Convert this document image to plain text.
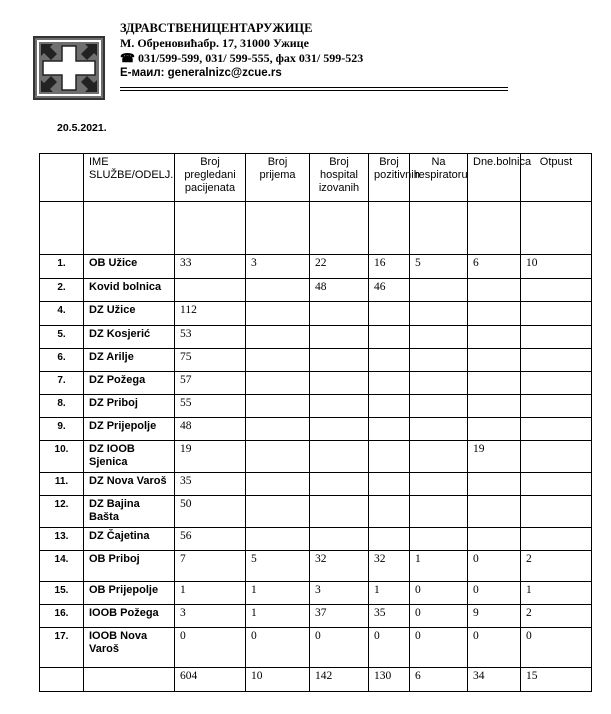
ЗДРАВСТВЕНИЦЕНТАРУЖИЦЕ
М. Обреновићабр. 17, 31000 Ужице
☎ 031/599-599, 031/ 599-555, фах 031/ 599-523
Е-маил: generalnizc@zcue.rs
20.5.2021.
	IME SLUŽBE/ODELJ.	Broj pregledani pacijenata	Broj prijema	Broj hospital izovanih	Broj pozitivnih	Na respiratoru	Dne.bolnica	Otpust

1.	OB Užice	33	3	22	16	5	6	10
2.	Kovid bolnica			48	46			
4.	DZ Užice	112						
5.	DZ Kosjerić	53						
6.	DZ Arilje	75						
7.	DZ Požega	57						
8.	DZ Priboj	55						
9.	DZ Prijepolje	48						
10.	DZ IOOB Sjenica	19					19	
11.	DZ Nova Varoš	35						
12.	DZ Bajina Bašta	50						
13.	DZ Čajetina	56						
14.	OB Priboj	7	5	32	32	1	0	2
15.	OB Prijepolje	1	1	3	1	0	0	1
16.	IOOB Požega	3	1	37	35	0	9	2
17.	IOOB Nova Varoš	0	0	0	0	0	0	0
		604	10	142	130	6	34	15
